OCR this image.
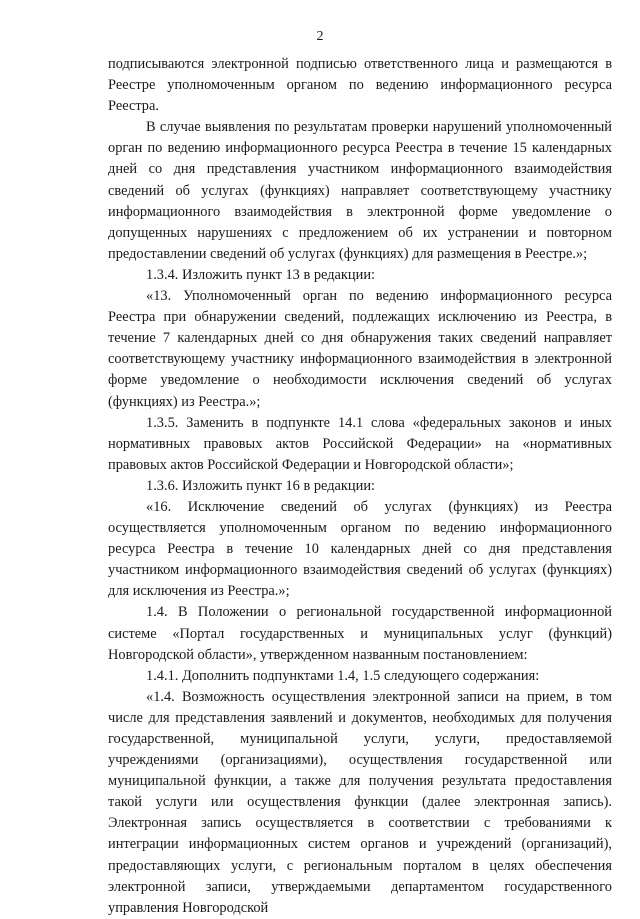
2

подписываются электронной подписью ответственного лица и размещаются в Реестре уполномоченным органом по ведению информационного ресурса Реестра.

В случае выявления по результатам проверки нарушений уполномоченный орган по ведению информационного ресурса Реестра в течение 15 календарных дней со дня представления участником информационного взаимодействия сведений об услугах (функциях) направляет соответствующему участнику информационного взаимодействия в электронной форме уведомление о допущенных нарушениях с предложением об их устранении и повторном предоставлении сведений об услугах (функциях) для размещения в Реестре.»;

1.3.4. Изложить пункт 13 в редакции:

«13. Уполномоченный орган по ведению информационного ресурса Реестра при обнаружении сведений, подлежащих исключению из Реестра, в течение 7 календарных дней со дня обнаружения таких сведений направляет соответствующему участнику информационного взаимодействия в электронной форме уведомление о необходимости исключения сведений об услугах (функциях) из Реестра.»;

1.3.5. Заменить в подпункте 14.1 слова «федеральных законов и иных нормативных правовых актов Российской Федерации» на «нормативных правовых актов Российской Федерации и Новгородской области»;

1.3.6. Изложить пункт 16 в редакции:

«16. Исключение сведений об услугах (функциях) из Реестра осуществляется уполномоченным органом по ведению информационного ресурса Реестра в течение 10 календарных дней со дня представления участником информационного взаимодействия сведений об услугах (функциях) для исключения из Реестра.»;

1.4. В Положении о региональной государственной информационной системе «Портал государственных и муниципальных услуг (функций) Новгородской области», утвержденном названным постановлением:

1.4.1. Дополнить подпунктами 1.4, 1.5 следующего содержания:

«1.4. Возможность осуществления электронной записи на прием, в том числе для представления заявлений и документов, необходимых для получения государственной, муниципальной услуги, услуги, предоставляемой учреждениями (организациями), осуществления государственной или муниципальной функции, а также для получения результата предоставления такой услуги или осуществления функции (далее электронная запись). Электронная запись осуществляется в соответствии с требованиями к интеграции информационных систем органов и учреждений (организаций), предоставляющих услуги, с региональным порталом в целях обеспечения электронной записи, утверждаемыми департаментом государственного управления Новгородской
